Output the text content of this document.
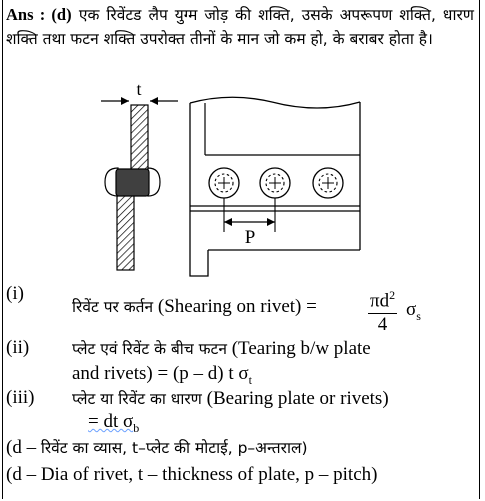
Ans : (d) एक रिवेंटड लैप युग्म जोड़ की शक्ति, उसके अपरूपण शक्ति, धारण शक्ति तथा फटन शक्ति उपरोक्त तीनों के मान जो कम हो, के बराबर होता है।
t
P
(i)
रिवेंट पर कर्तन (Shearing on rivet) =	$\frac{\pi d^2}{4} \sigma_s$
(ii)	प्लेट एवं रिवेंट के बीच फटन (Tearing b/w plate
and rivets) = (p – d) t $\sigma_t$
(iii) प्लेट या रिवेंट का धारण (Bearing plate or rivets)
= dt $\sigma_b$
(d – रिवेंट का व्यास, t–प्लेट की मोटाई, p–अन्तराल)
(d – Dia of rivet, t – thickness of plate, p – pitch)
